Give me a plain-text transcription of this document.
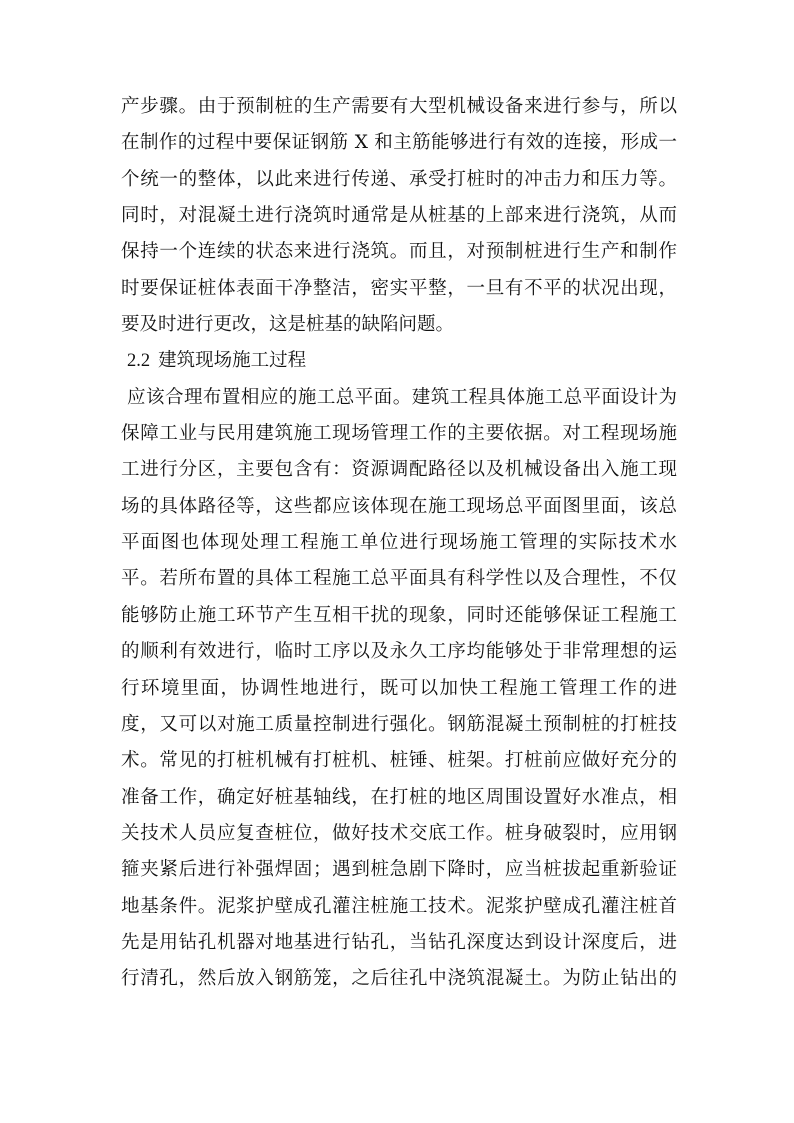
产步骤。由于预制桩的生产需要有大型机械设备来进行参与，所以
在制作的过程中要保证钢筋 X 和主筋能够进行有效的连接，形成一
个统一的整体，以此来进行传递、承受打桩时的冲击力和压力等。
同时，对混凝土进行浇筑时通常是从桩基的上部来进行浇筑，从而
保持一个连续的状态来进行浇筑。而且，对预制桩进行生产和制作
时要保证桩体表面干净整洁，密实平整，一旦有不平的状况出现，
要及时进行更改，这是桩基的缺陷问题。
2.2 建筑现场施工过程
应该合理布置相应的施工总平面。建筑工程具体施工总平面设计为
保障工业与民用建筑施工现场管理工作的主要依据。对工程现场施
工进行分区，主要包含有：资源调配路径以及机械设备出入施工现
场的具体路径等，这些都应该体现在施工现场总平面图里面，该总
平面图也体现处理工程施工单位进行现场施工管理的实际技术水
平。若所布置的具体工程施工总平面具有科学性以及合理性，不仅
能够防止施工环节产生互相干扰的现象，同时还能够保证工程施工
的顺利有效进行，临时工序以及永久工序均能够处于非常理想的运
行环境里面，协调性地进行，既可以加快工程施工管理工作的进
度，又可以对施工质量控制进行强化。钢筋混凝土预制桩的打桩技
术。常见的打桩机械有打桩机、桩锤、桩架。打桩前应做好充分的
准备工作，确定好桩基轴线，在打桩的地区周围设置好水准点，相
关技术人员应复查桩位，做好技术交底工作。桩身破裂时，应用钢
箍夹紧后进行补强焊固；遇到桩急剧下降时，应当桩拔起重新验证
地基条件。泥浆护壁成孔灌注桩施工技术。泥浆护壁成孔灌注桩首
先是用钻孔机器对地基进行钻孔，当钻孔深度达到设计深度后，进
行清孔，然后放入钢筋笼，之后往孔中浇筑混凝土。为防止钻出的
